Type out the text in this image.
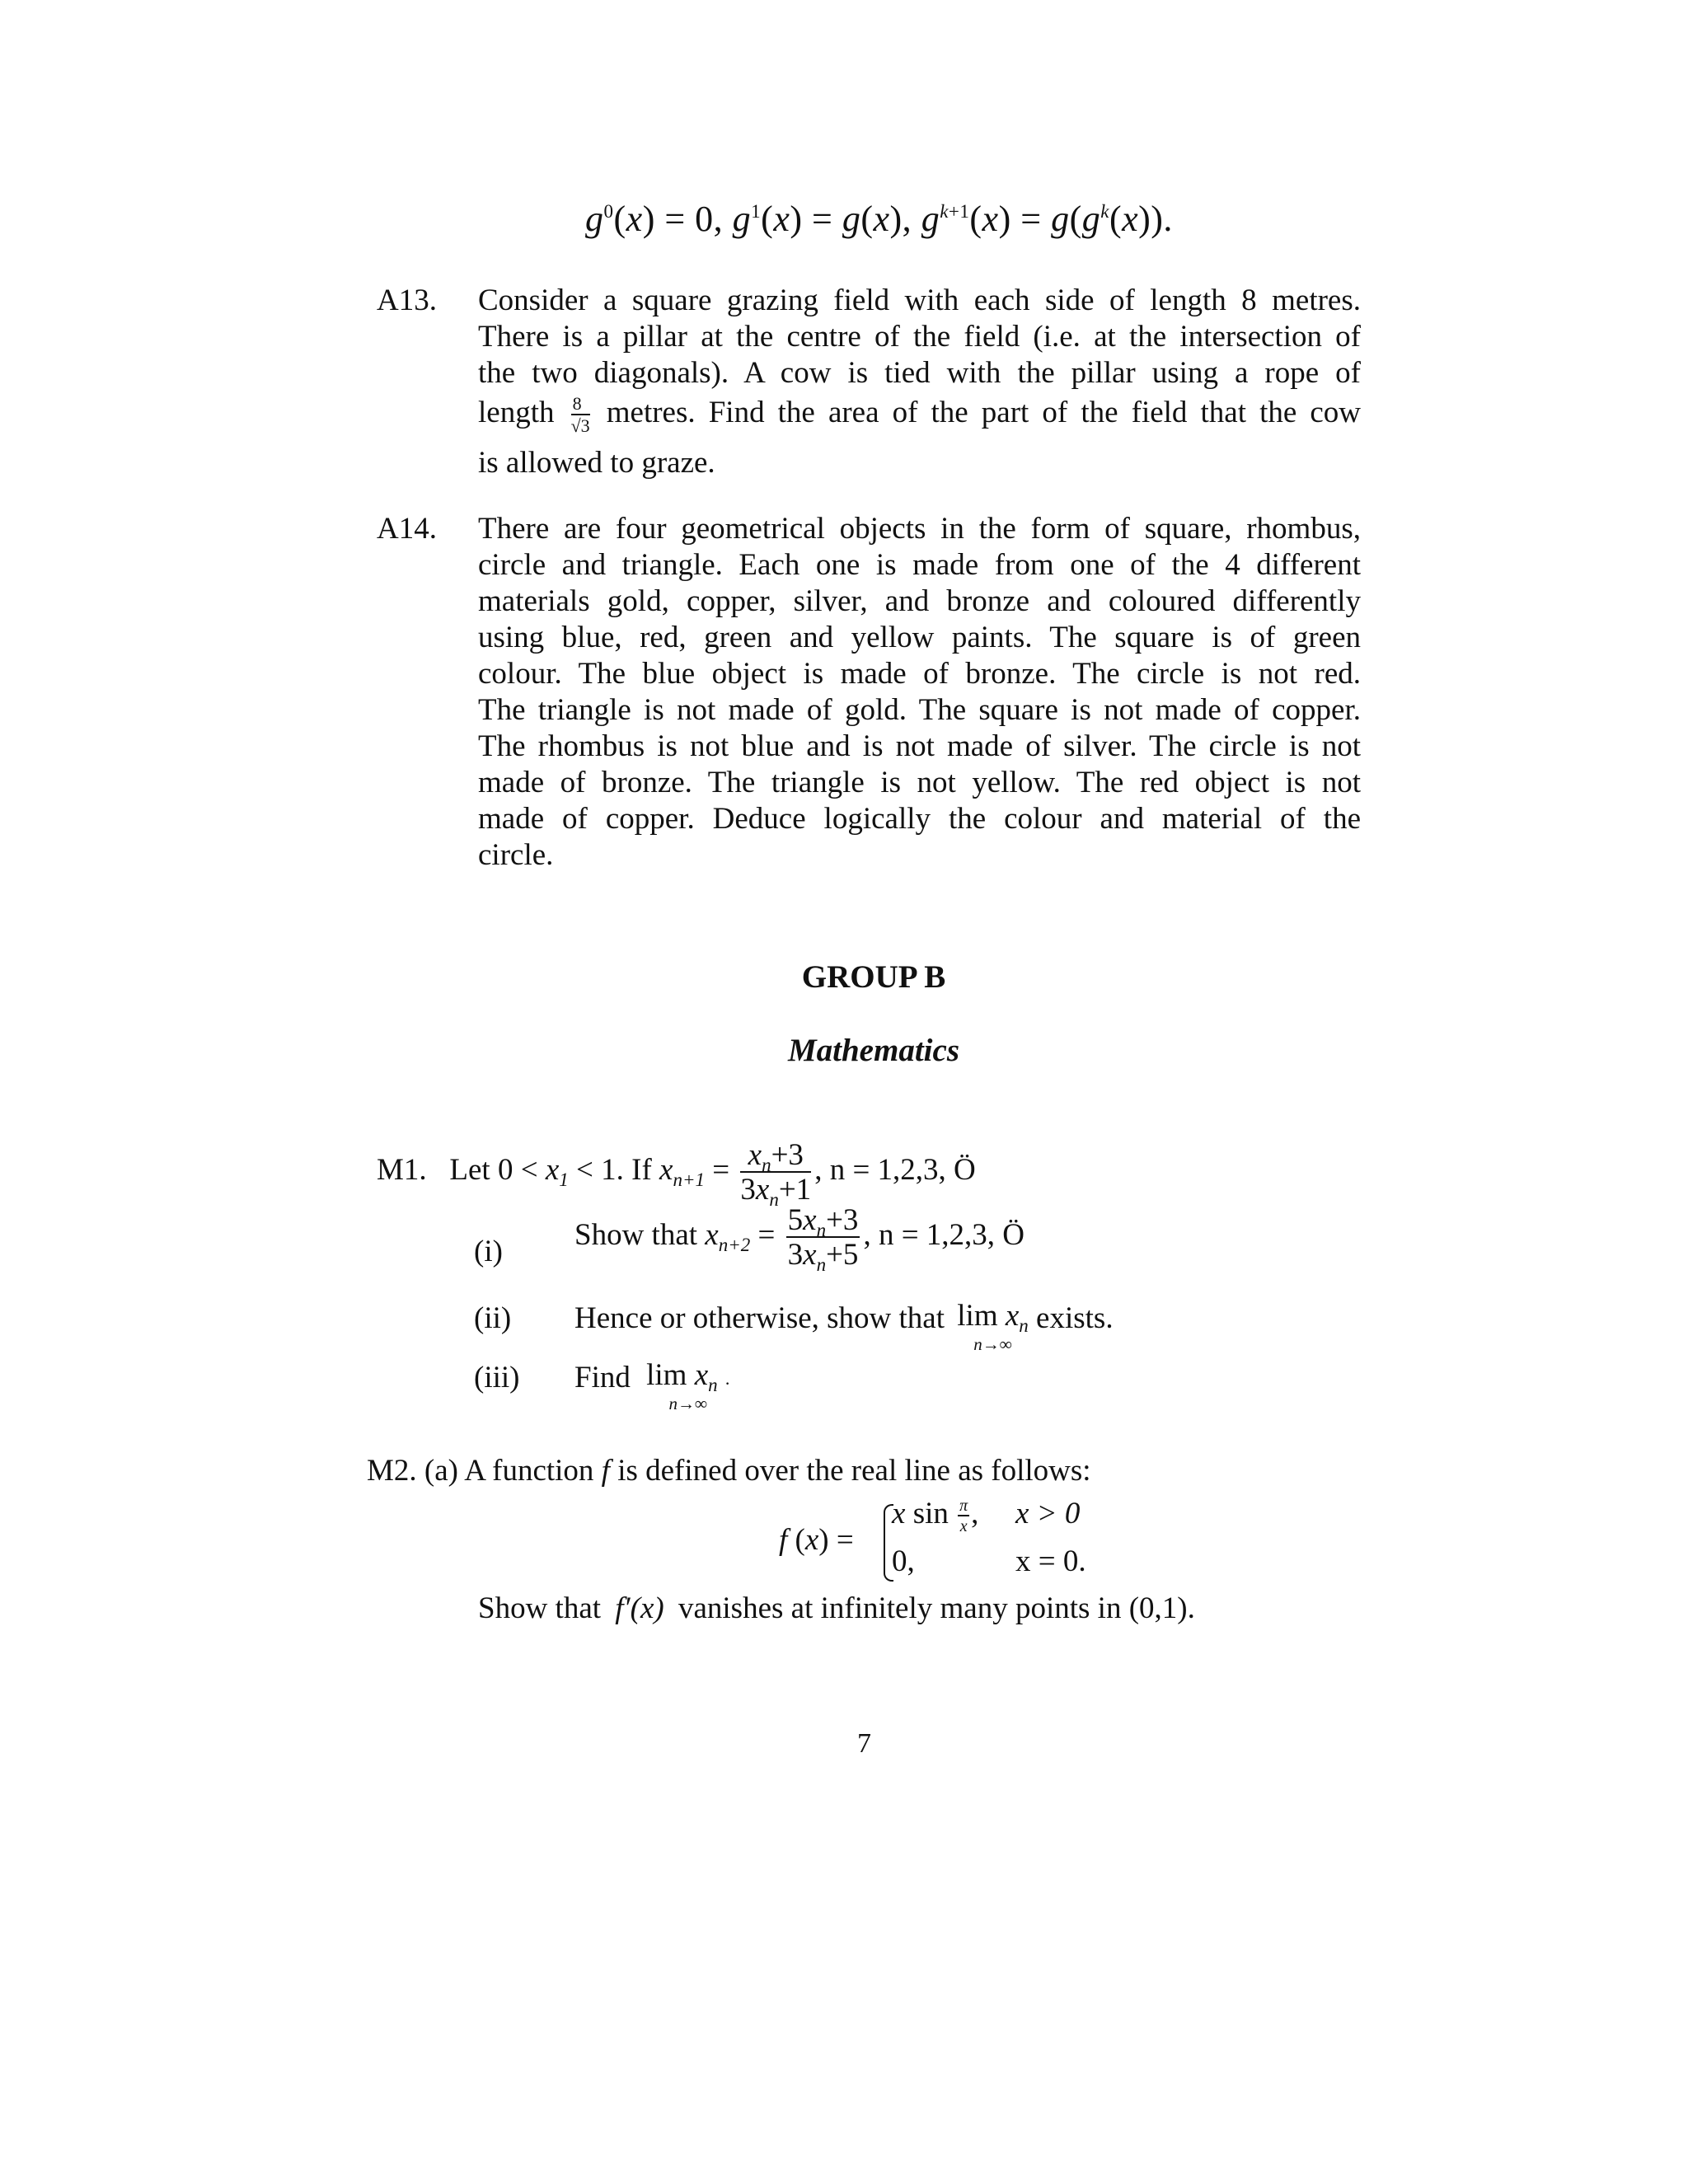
$g^0(x) = 0$, $g^1(x) = g(x)$, $g^{k+1}(x) = g(g^k(x))$.
A13. Consider a square grazing field with each side of length 8 metres.
There is a pillar at the centre of the field (i.e. at the intersection of
the two diagonals). A cow is tied with the pillar using a rope of
length $\frac{8}{√3}$ metres. Find the area of the part of the field that the cow
is allowed to graze.
A14. There are four geometrical objects in the form of square, rhombus,
circle and triangle. Each one is made from one of the 4 different
materials gold, copper, silver, and bronze and coloured differently
using blue, red, green and yellow paints. The square is of green
colour. The blue object is made of bronze. The circle is not red.
The triangle is not made of gold. The square is not made of copper.
The rhombus is not blue and is not made of silver. The circle is not
made of bronze. The triangle is not yellow. The red object is not
made of copper. Deduce logically the colour and material of the
circle.
GROUP B
Mathematics
M1. Let $0 < x_1 < 1$. If $x_{n+1} = \frac{x_n+3}{3x_n+1}$ , n = 1,2,3, Ö
(i) Show that $x_{n+2} = \frac{5x_n+3}{3x_n+5}$ , n = 1,2,3, Ö
(ii) Hence or otherwise, show that $\lim x_n$
n→∞
exists.
(iii) Find $\lim x_n$ .
n→∞
M2. (a) A function f is defined over the real line as follows:
f (x) =
x $\sin \frac{\pi}{x}$ , x > 0
0,	x = 0.
Show that f′(x) vanishes at infinitely many points in (0,1).
7
